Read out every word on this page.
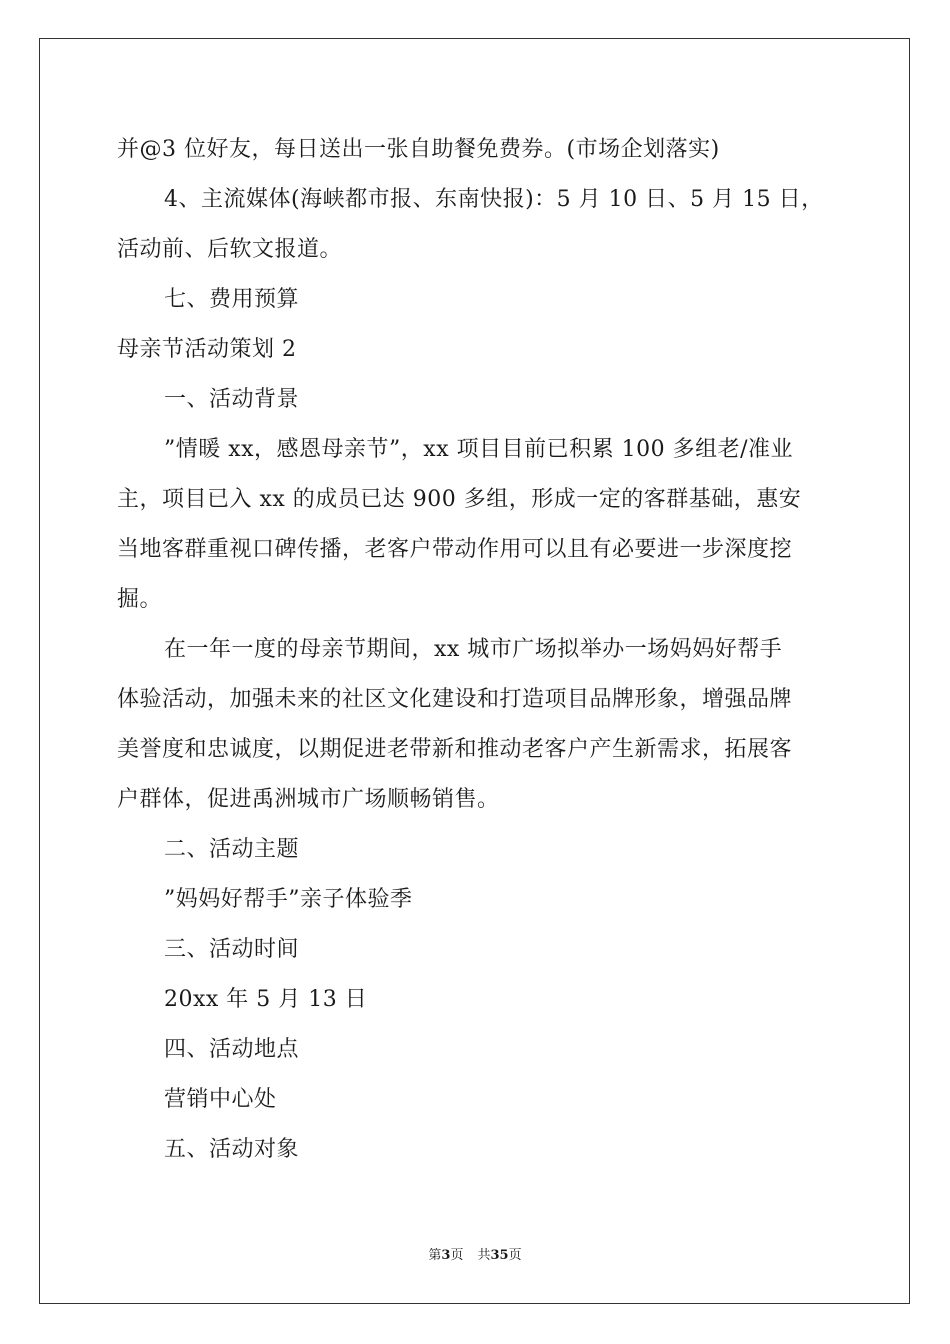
并@3 位好友，每日送出一张自助餐免费券。(市场企划落实)
4、主流媒体(海峡都市报、东南快报)：5 月 10 日、5 月 15 日，
活动前、后软文报道。
七、费用预算
母亲节活动策划 2
一、活动背景
”情暖 xx，感恩母亲节”，xx 项目目前已积累 100 多组老/准业
主，项目已入 xx 的成员已达 900 多组，形成一定的客群基础，惠安
当地客群重视口碑传播，老客户带动作用可以且有必要进一步深度挖
掘。
在一年一度的母亲节期间，xx 城市广场拟举办一场妈妈好帮手
体验活动，加强未来的社区文化建设和打造项目品牌形象，增强品牌
美誉度和忠诚度，以期促进老带新和推动老客户产生新需求，拓展客
户群体，促进禹洲城市广场顺畅销售。
二、活动主题
”妈妈好帮手”亲子体验季
三、活动时间
20xx 年 5 月 13 日
四、活动地点
营销中心处
五、活动对象
第3页 共35页
